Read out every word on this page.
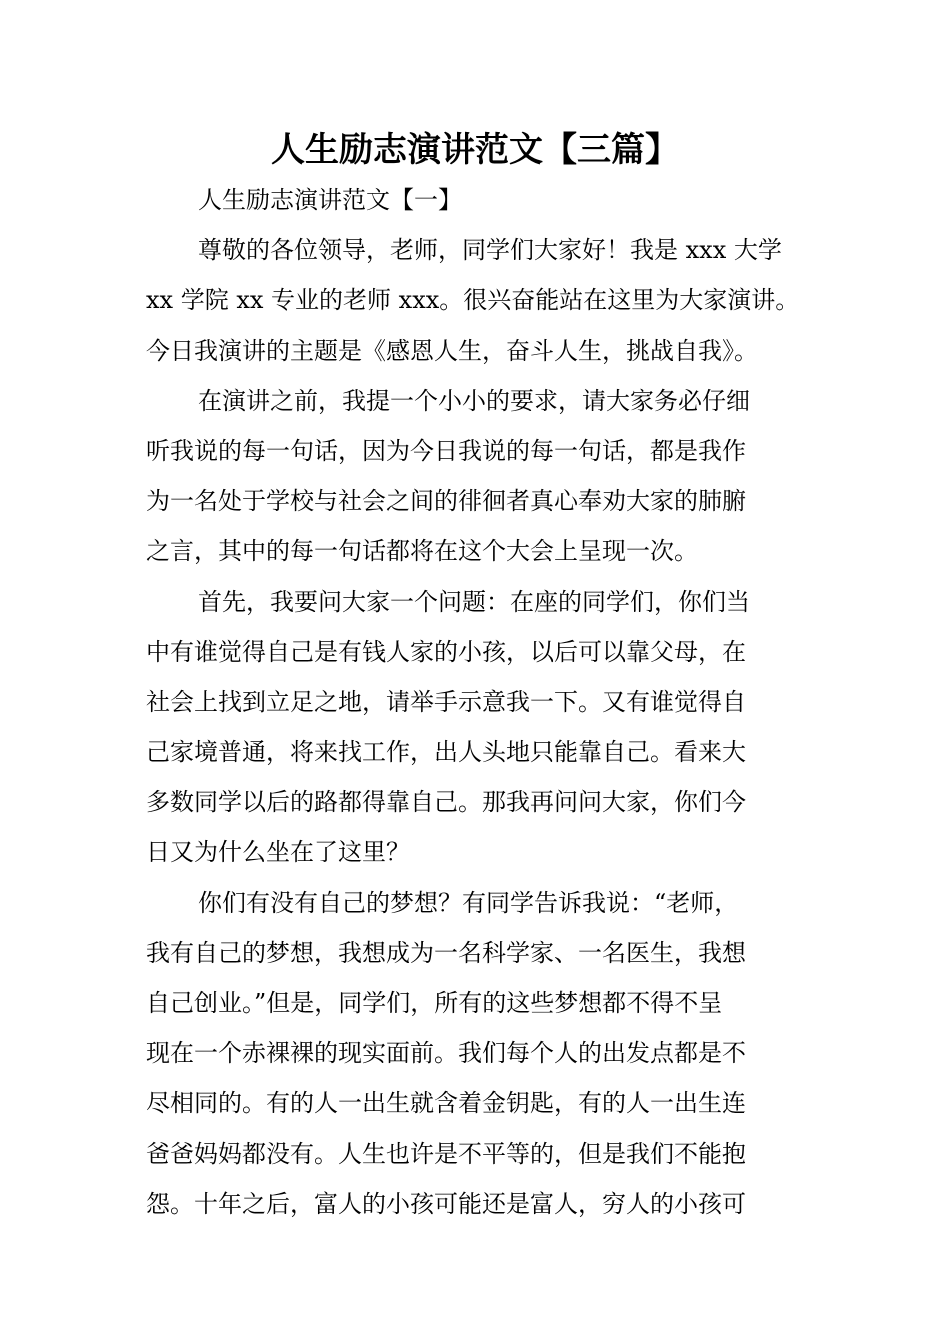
人生励志演讲范文【三篇】
人生励志演讲范文【一】
尊敬的各位领导，老师，同学们大家好！我是 xxx 大学
xx 学院 xx 专业的老师 xxx。很兴奋能站在这里为大家演讲。
今日我演讲的主题是《感恩人生，奋斗人生，挑战自我》。
在演讲之前，我提一个小小的要求，请大家务必仔细
听我说的每一句话，因为今日我说的每一句话，都是我作
为一名处于学校与社会之间的徘徊者真心奉劝大家的肺腑
之言，其中的每一句话都将在这个大会上呈现一次。
首先，我要问大家一个问题：在座的同学们，你们当
中有谁觉得自己是有钱人家的小孩，以后可以靠父母，在
社会上找到立足之地，请举手示意我一下。又有谁觉得自
己家境普通，将来找工作，出人头地只能靠自己。看来大
多数同学以后的路都得靠自己。那我再问问大家，你们今
日又为什么坐在了这里？
你们有没有自己的梦想？有同学告诉我说：“老师，
我有自己的梦想，我想成为一名科学家、一名医生，我想
自己创业。”但是，同学们，所有的这些梦想都不得不呈
现在一个赤裸裸的现实面前。我们每个人的出发点都是不
尽相同的。有的人一出生就含着金钥匙，有的人一出生连
爸爸妈妈都没有。人生也许是不平等的，但是我们不能抱
怨。十年之后，富人的小孩可能还是富人，穷人的小孩可
